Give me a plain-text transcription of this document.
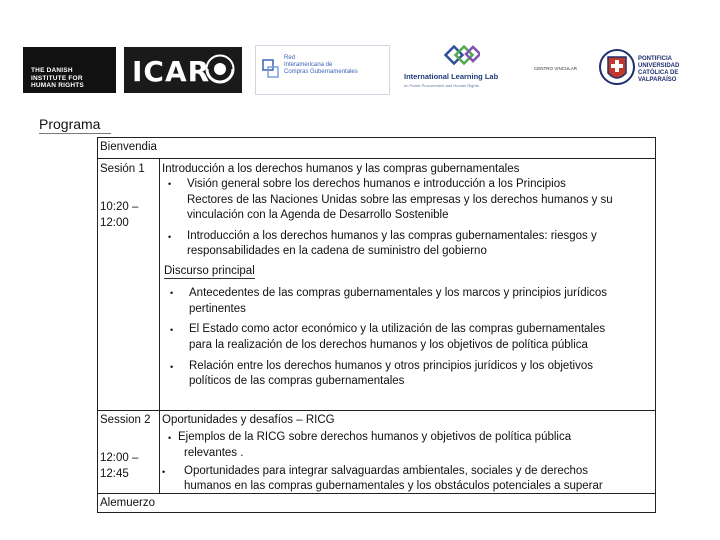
THE DANISH
INSTITUTE FOR
HUMAN RIGHTS	ICAR	Red
Interamericana de
Compras Gubernamentales
International Learning Lab
on Public Procurement and Human Rights
CENTRO VINCULAR
PONTIFICIA
UNIVERSIDAD
CATÓLICA DE
VALPARAÍSO
Programa
Bienvendia
Sesión 1
10:20 –
12:00
Introducción a los derechos humanos y las compras gubernamentales
• Visión general sobre los derechos humanos e introducción a los Principios
Rectores de las Naciones Unidas sobre las empresas y los derechos humanos y su
vinculación con la Agenda de Desarrollo Sostenible
• Introducción a los derechos humanos y las compras gubernamentales: riesgos y
responsabilidades en la cadena de suministro del gobierno
Discurso principal
• Antecedentes de las compras gubernamentales y los marcos y principios jurídicos
pertinentes
• El Estado como actor económico y la utilización de las compras gubernamentales
para la realización de los derechos humanos y los objetivos de política pública
• Relación entre los derechos humanos y otros principios jurídicos y los objetivos
políticos de las compras gubernamentales
Session 2
12:00 –
12:45
Oportunidades y desafíos – RICG
• Ejemplos de la RICG sobre derechos humanos y objetivos de política pública
relevantes .
• Oportunidades para integrar salvaguardas ambientales, sociales y de derechos
humanos en las compras gubernamentales y los obstáculos potenciales a superar
Alemuerzo
